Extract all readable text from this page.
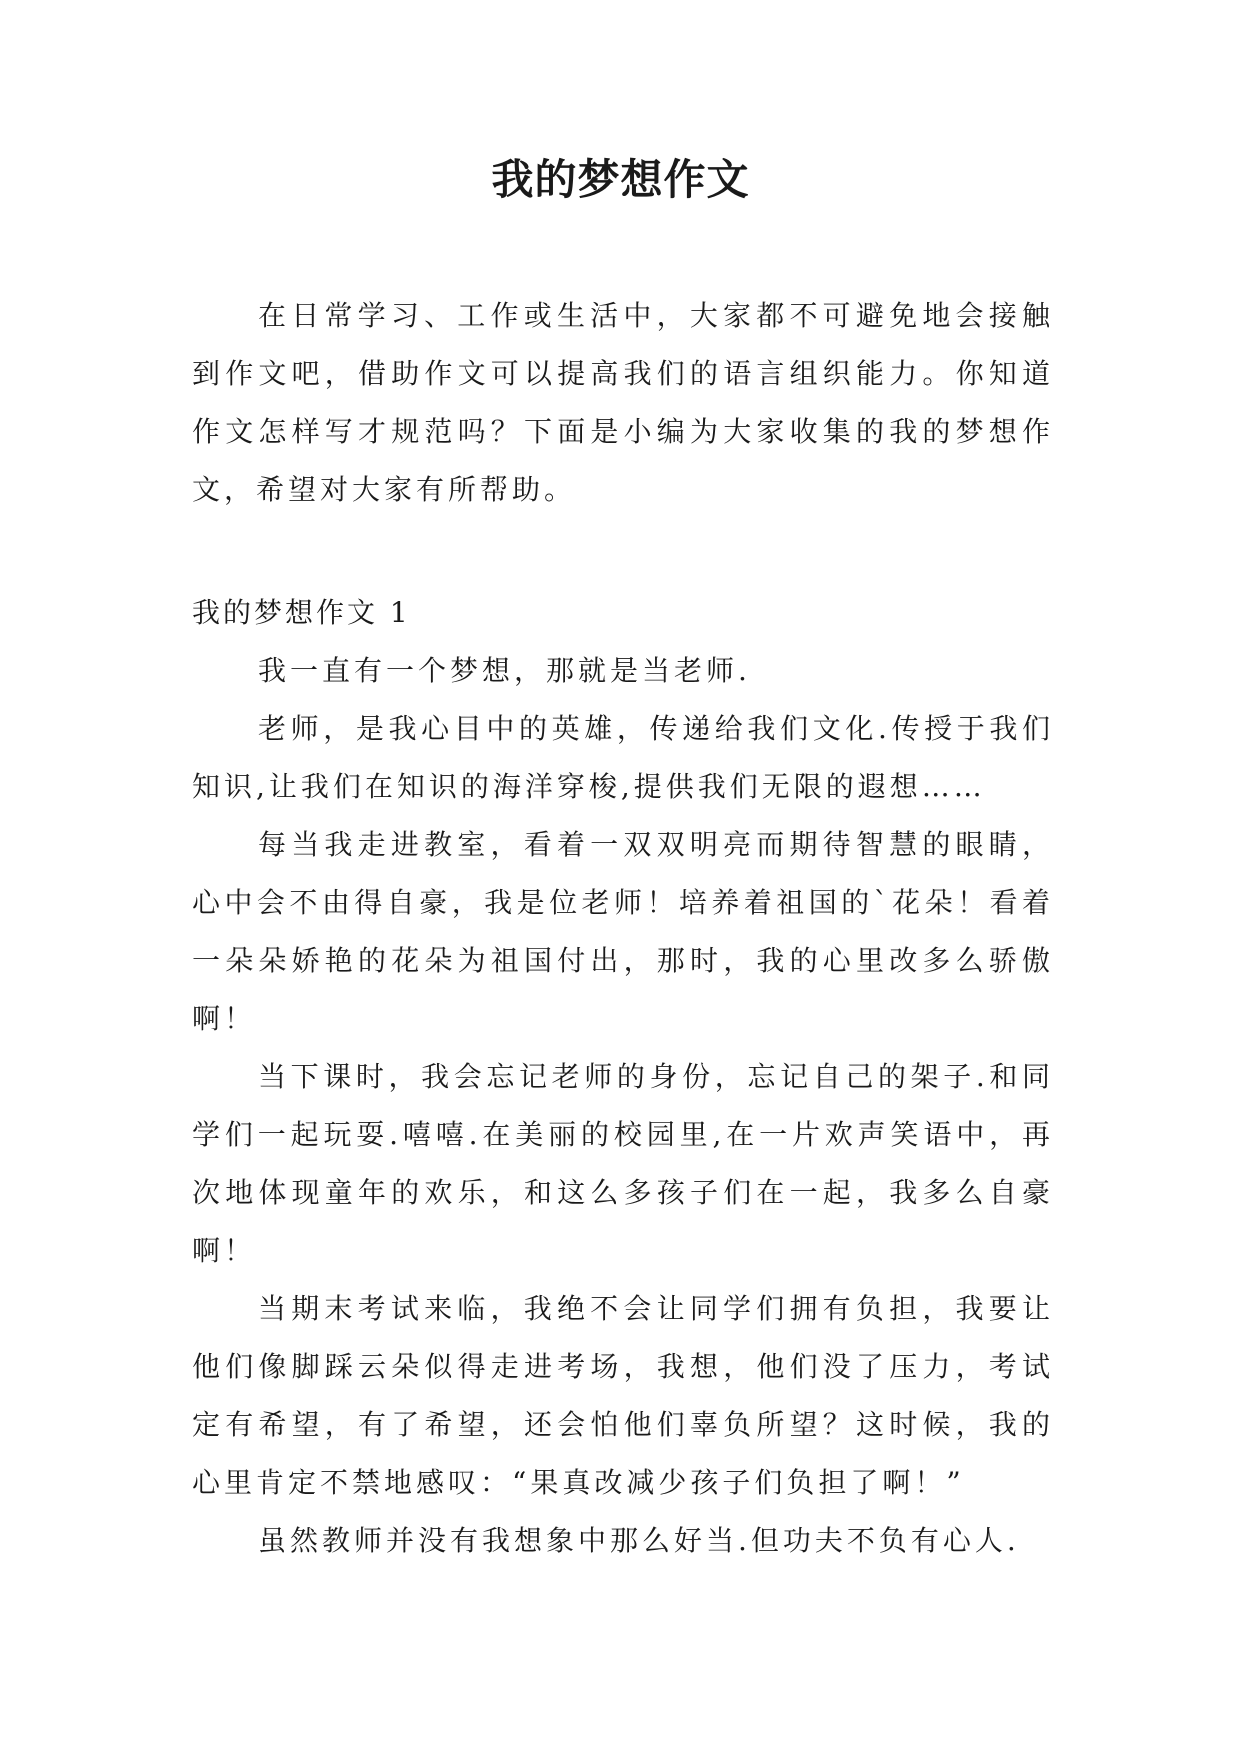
我的梦想作文

在日常学习、工作或生活中，大家都不可避免地会接触到作文吧，借助作文可以提高我们的语言组织能力。你知道作文怎样写才规范吗？下面是小编为大家收集的我的梦想作文，希望对大家有所帮助。

我的梦想作文 1

我一直有一个梦想，那就是当老师.

老师，是我心目中的英雄，传递给我们文化.传授于我们知识,让我们在知识的海洋穿梭,提供我们无限的遐想……

每当我走进教室，看着一双双明亮而期待智慧的眼睛，心中会不由得自豪，我是位老师！培养着祖国的`花朵！看着一朵朵娇艳的花朵为祖国付出，那时，我的心里改多么骄傲啊！

当下课时，我会忘记老师的身份，忘记自己的架子.和同学们一起玩耍.嘻嘻.在美丽的校园里,在一片欢声笑语中，再次地体现童年的欢乐，和这么多孩子们在一起，我多么自豪啊！

当期末考试来临，我绝不会让同学们拥有负担，我要让他们像脚踩云朵似得走进考场，我想，他们没了压力，考试定有希望，有了希望，还会怕他们辜负所望？这时候，我的心里肯定不禁地感叹：“果真改减少孩子们负担了啊！”

虽然教师并没有我想象中那么好当.但功夫不负有心人.
